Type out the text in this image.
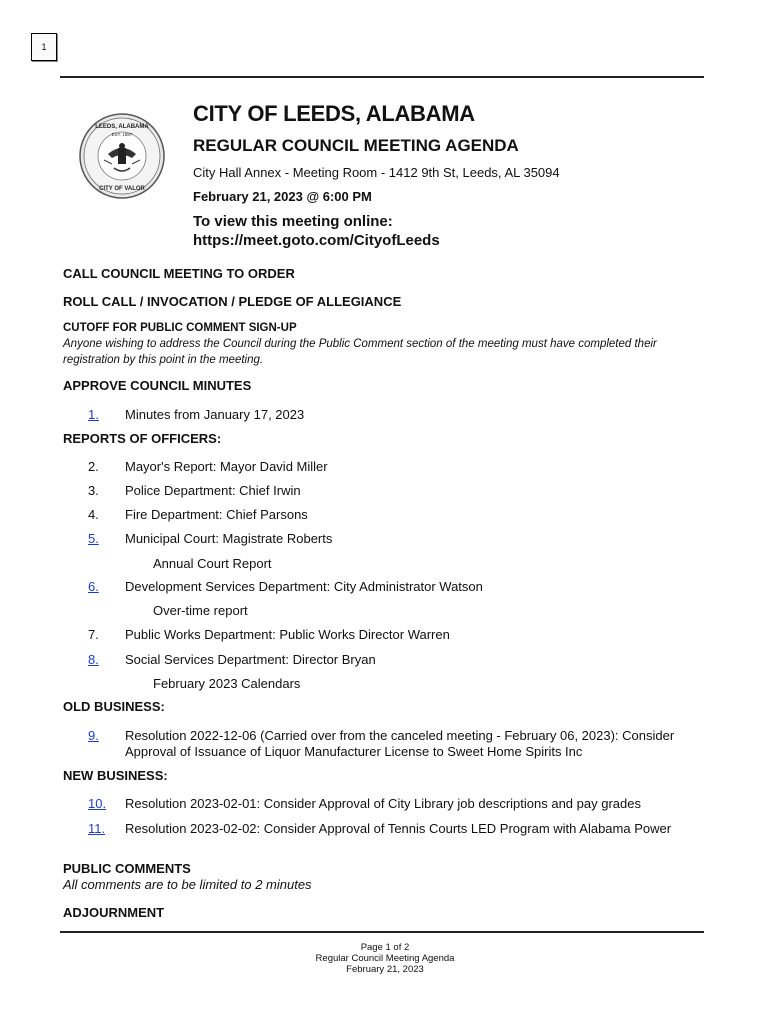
1
LEEDS, ALABAMA
EST. 1887
CITY OF VALOR
CITY OF LEEDS, ALABAMA
REGULAR COUNCIL MEETING AGENDA
City Hall Annex - Meeting Room - 1412 9th St, Leeds, AL 35094
February 21, 2023 @ 6:00 PM
To view this meeting online:
https://meet.goto.com/CityofLeeds
CALL COUNCIL MEETING TO ORDER
ROLL CALL / INVOCATION / PLEDGE OF ALLEGIANCE
CUTOFF FOR PUBLIC COMMENT SIGN-UP
Anyone wishing to address the Council during the Public Comment section of the meeting must have completed their registration by this point in the meeting.
APPROVE COUNCIL MINUTES
1.	Minutes from January 17, 2023
REPORTS OF OFFICERS:
2.	Mayor's Report: Mayor David Miller
3.	Police Department: Chief Irwin
4.	Fire Department: Chief Parsons
5.	Municipal Court: Magistrate Roberts
Annual Court Report
6.	Development Services Department: City Administrator Watson
Over-time report
7.	Public Works Department: Public Works Director Warren
8.	Social Services Department: Director Bryan
February 2023 Calendars
OLD BUSINESS:
9.	Resolution 2022-12-06 (Carried over from the canceled meeting - February 06, 2023): Consider Approval of Issuance of Liquor Manufacturer License to Sweet Home Spirits Inc
NEW BUSINESS:
10.	Resolution 2023-02-01: Consider Approval of City Library job descriptions and pay grades
11.	Resolution 2023-02-02: Consider Approval of Tennis Courts LED Program with Alabama Power
PUBLIC COMMENTS
All comments are to be limited to 2 minutes
ADJOURNMENT
Page 1 of 2
Regular Council Meeting Agenda
February 21, 2023
